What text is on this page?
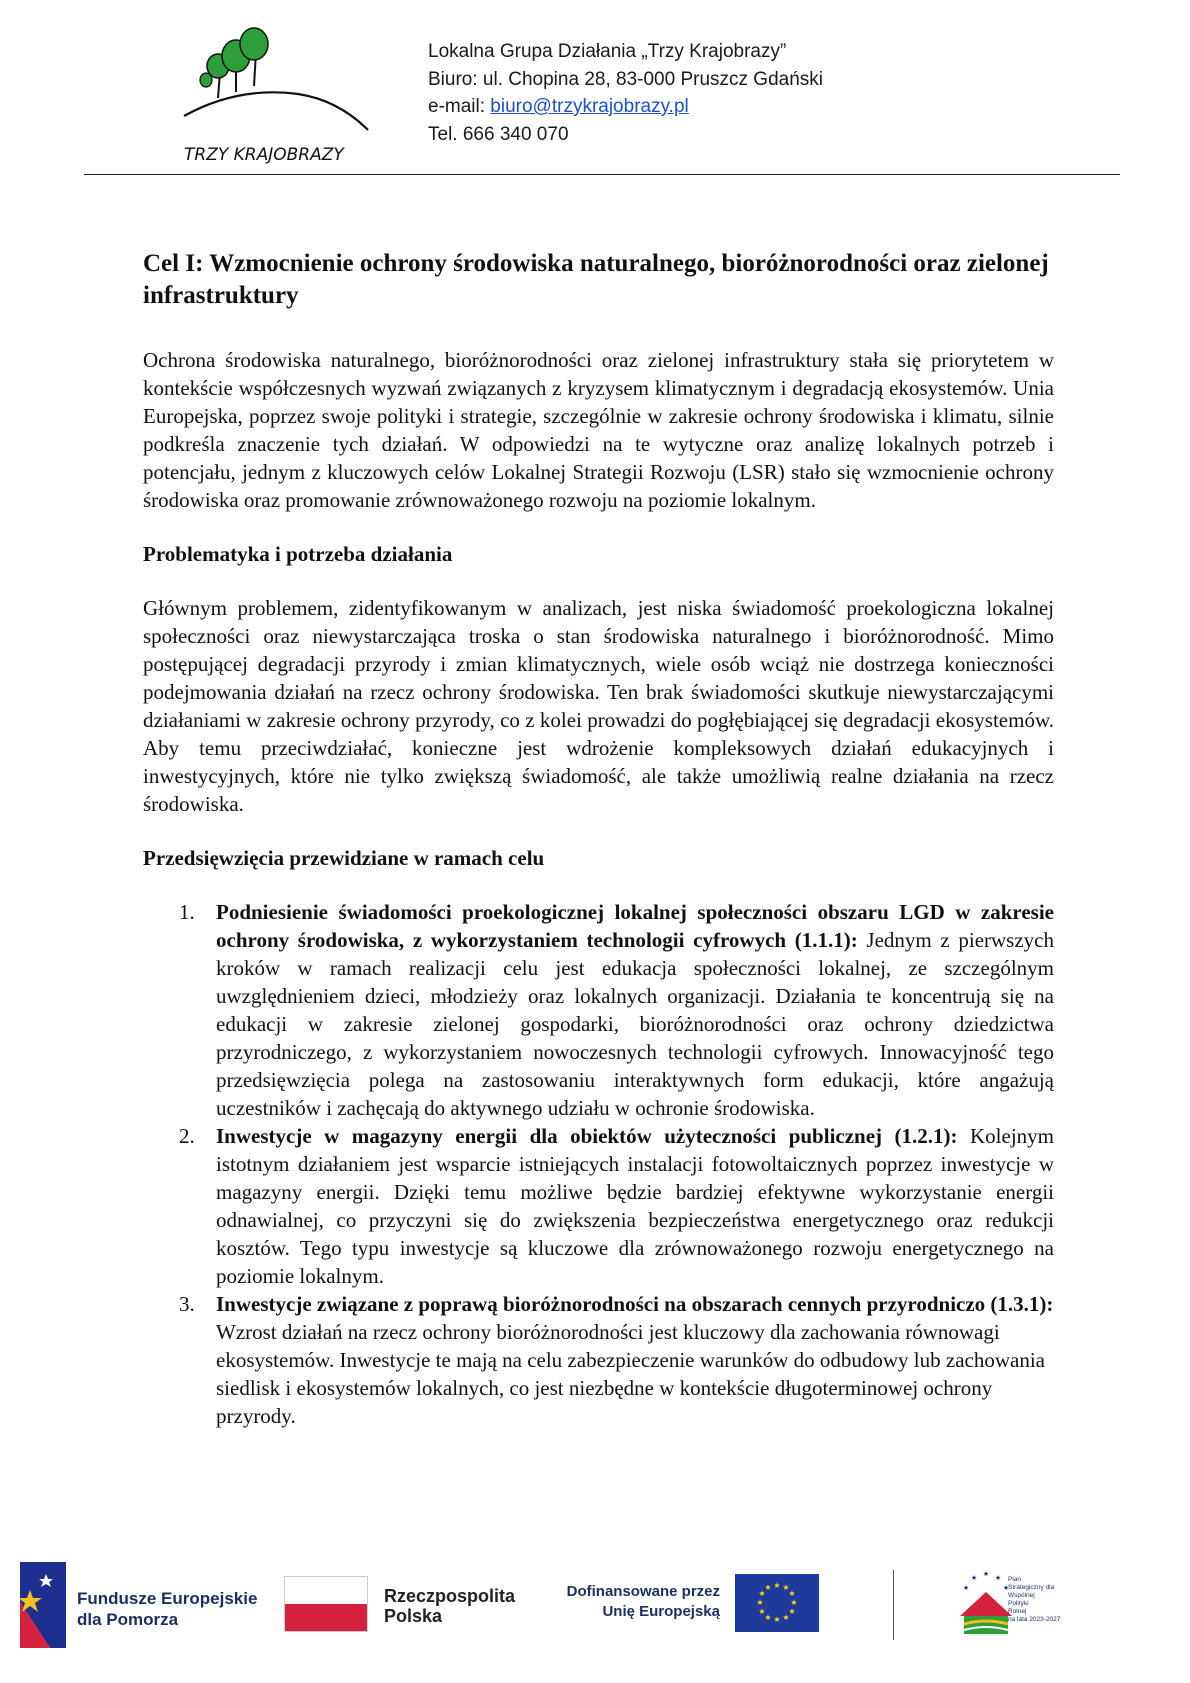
TRZY KRAJOBRAZY
Lokalna Grupa Działania „Trzy Krajobrazy”
Biuro: ul. Chopina 28, 83-000 Pruszcz Gdański
e-mail: biuro@trzykrajobrazy.pl
Tel. 666 340 070
Cel I: Wzmocnienie ochrony środowiska naturalnego, bioróżnorodności oraz zielonej infrastruktury

Ochrona środowiska naturalnego, bioróżnorodności oraz zielonej infrastruktury stała się priorytetem w kontekście współczesnych wyzwań związanych z kryzysem klimatycznym i degradacją ekosystemów. Unia Europejska, poprzez swoje polityki i strategie, szczególnie w zakresie ochrony środowiska i klimatu, silnie podkreśla znaczenie tych działań. W odpowiedzi na te wytyczne oraz analizę lokalnych potrzeb i potencjału, jednym z kluczowych celów Lokalnej Strategii Rozwoju (LSR) stało się wzmocnienie ochrony środowiska oraz promowanie zrównoważonego rozwoju na poziomie lokalnym.

Problematyka i potrzeba działania

Głównym problemem, zidentyfikowanym w analizach, jest niska świadomość proekologiczna lokalnej społeczności oraz niewystarczająca troska o stan środowiska naturalnego i bioróżnorodność. Mimo postępującej degradacji przyrody i zmian klimatycznych, wiele osób wciąż nie dostrzega konieczności podejmowania działań na rzecz ochrony środowiska. Ten brak świadomości skutkuje niewystarczającymi działaniami w zakresie ochrony przyrody, co z kolei prowadzi do pogłębiającej się degradacji ekosystemów. Aby temu przeciwdziałać, konieczne jest wdrożenie kompleksowych działań edukacyjnych i inwestycyjnych, które nie tylko zwiększą świadomość, ale także umożliwią realne działania na rzecz środowiska.

Przedsięwzięcia przewidziane w ramach celu
1. Podniesienie świadomości proekologicznej lokalnej społeczności obszaru LGD w zakresie ochrony środowiska, z wykorzystaniem technologii cyfrowych (1.1.1): Jednym z pierwszych kroków w ramach realizacji celu jest edukacja społeczności lokalnej, ze szczególnym uwzględnieniem dzieci, młodzieży oraz lokalnych organizacji. Działania te koncentrują się na edukacji w zakresie zielonej gospodarki, bioróżnorodności oraz ochrony dziedzictwa przyrodniczego, z wykorzystaniem nowoczesnych technologii cyfrowych. Innowacyjność tego przedsięwzięcia polega na zastosowaniu interaktywnych form edukacji, które angażują uczestników i zachęcają do aktywnego udziału w ochronie środowiska.
2. Inwestycje w magazyny energii dla obiektów użyteczności publicznej (1.2.1): Kolejnym istotnym działaniem jest wsparcie istniejących instalacji fotowoltaicznych poprzez inwestycje w magazyny energii. Dzięki temu możliwe będzie bardziej efektywne wykorzystanie energii odnawialnej, co przyczyni się do zwiększenia bezpieczeństwa energetycznego oraz redukcji kosztów. Tego typu inwestycje są kluczowe dla zrównoważonego rozwoju energetycznego na poziomie lokalnym.
3. Inwestycje związane z poprawą bioróżnorodności na obszarach cennych przyrodniczo (1.3.1):
Wzrost działań na rzecz ochrony bioróżnorodności jest kluczowy dla zachowania równowagi ekosystemów. Inwestycje te mają na celu zabezpieczenie warunków do odbudowy lub zachowania siedlisk i ekosystemów lokalnych, co jest niezbędne w kontekście długoterminowej ochrony przyrody.
Fundusze Europejskie
dla Pomorza
Rzeczpospolita
Polska
Dofinansowane przez
Unię Europejską
★ ★
★
★
★
★
★
★
★
★
★
★
★ ★
★
★
★
Plan
Strategiczny dla
Wspólnej
Polityki
Rolnej
na lata 2023-2027
